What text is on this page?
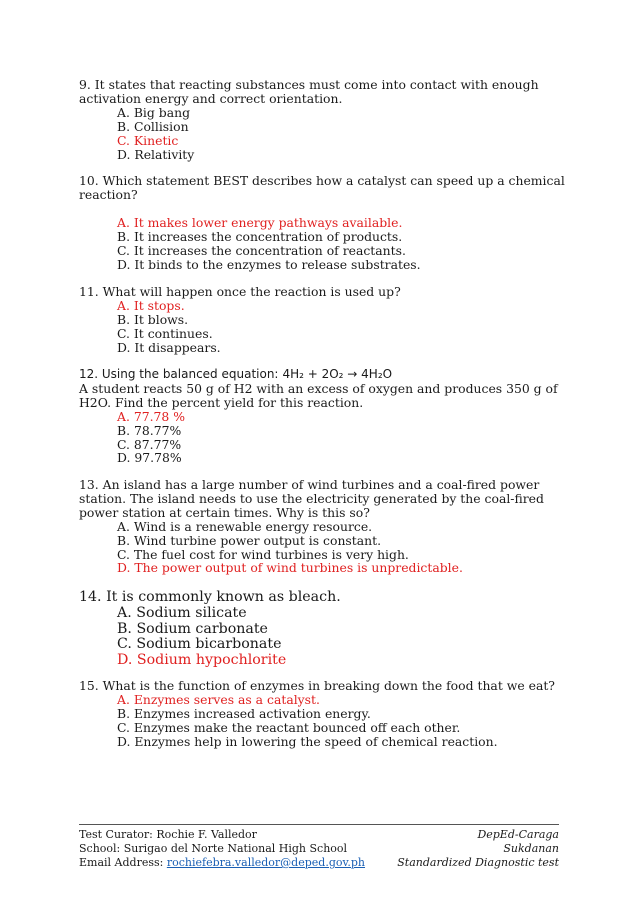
9. It states that reacting substances must come into contact with enough activation energy and correct orientation.

A. Big bang
B. Collision
C. Kinetic
D. Relativity

10. Which statement BEST describes how a catalyst can speed up a chemical reaction?

A. It makes lower energy pathways available.
B. It increases the concentration of products.
C. It increases the concentration of reactants.
D. It binds to the enzymes to release substrates.

11. What will happen once the reaction is used up?

A. It stops.
B. It blows.
C. It continues.
D. It disappears.

12. Using the balanced equation: 4H₂ + 2O₂ → 4H₂O

A student reacts 50 g of H2 with an excess of oxygen and produces 350 g of H2O. Find the percent yield for this reaction.

A. 77.78 %
B. 78.77%
C. 87.77%
D. 97.78%

13. An island has a large number of wind turbines and a coal-fired power station. The island needs to use the electricity generated by the coal-fired power station at certain times. Why is this so?

A. Wind is a renewable energy resource.
B. Wind turbine power output is constant.
C. The fuel cost for wind turbines is very high.
D. The power output of wind turbines is unpredictable.

14. It is commonly known as bleach.

A. Sodium silicate
B. Sodium carbonate
C. Sodium bicarbonate
D. Sodium hypochlorite

15. What is the function of enzymes in breaking down the food that we eat?

A. Enzymes serves as a catalyst.
B. Enzymes increased activation energy.
C. Enzymes make the reactant bounced off each other.
D. Enzymes help in lowering the speed of chemical reaction.
Test Curator: Rochie F. Valledor
School: Surigao del Norte National High School
Email Address: rochiefebra.valledor@deped.gov.ph
DepEd-Caraga
Sukdanan
Standardized Diagnostic test
